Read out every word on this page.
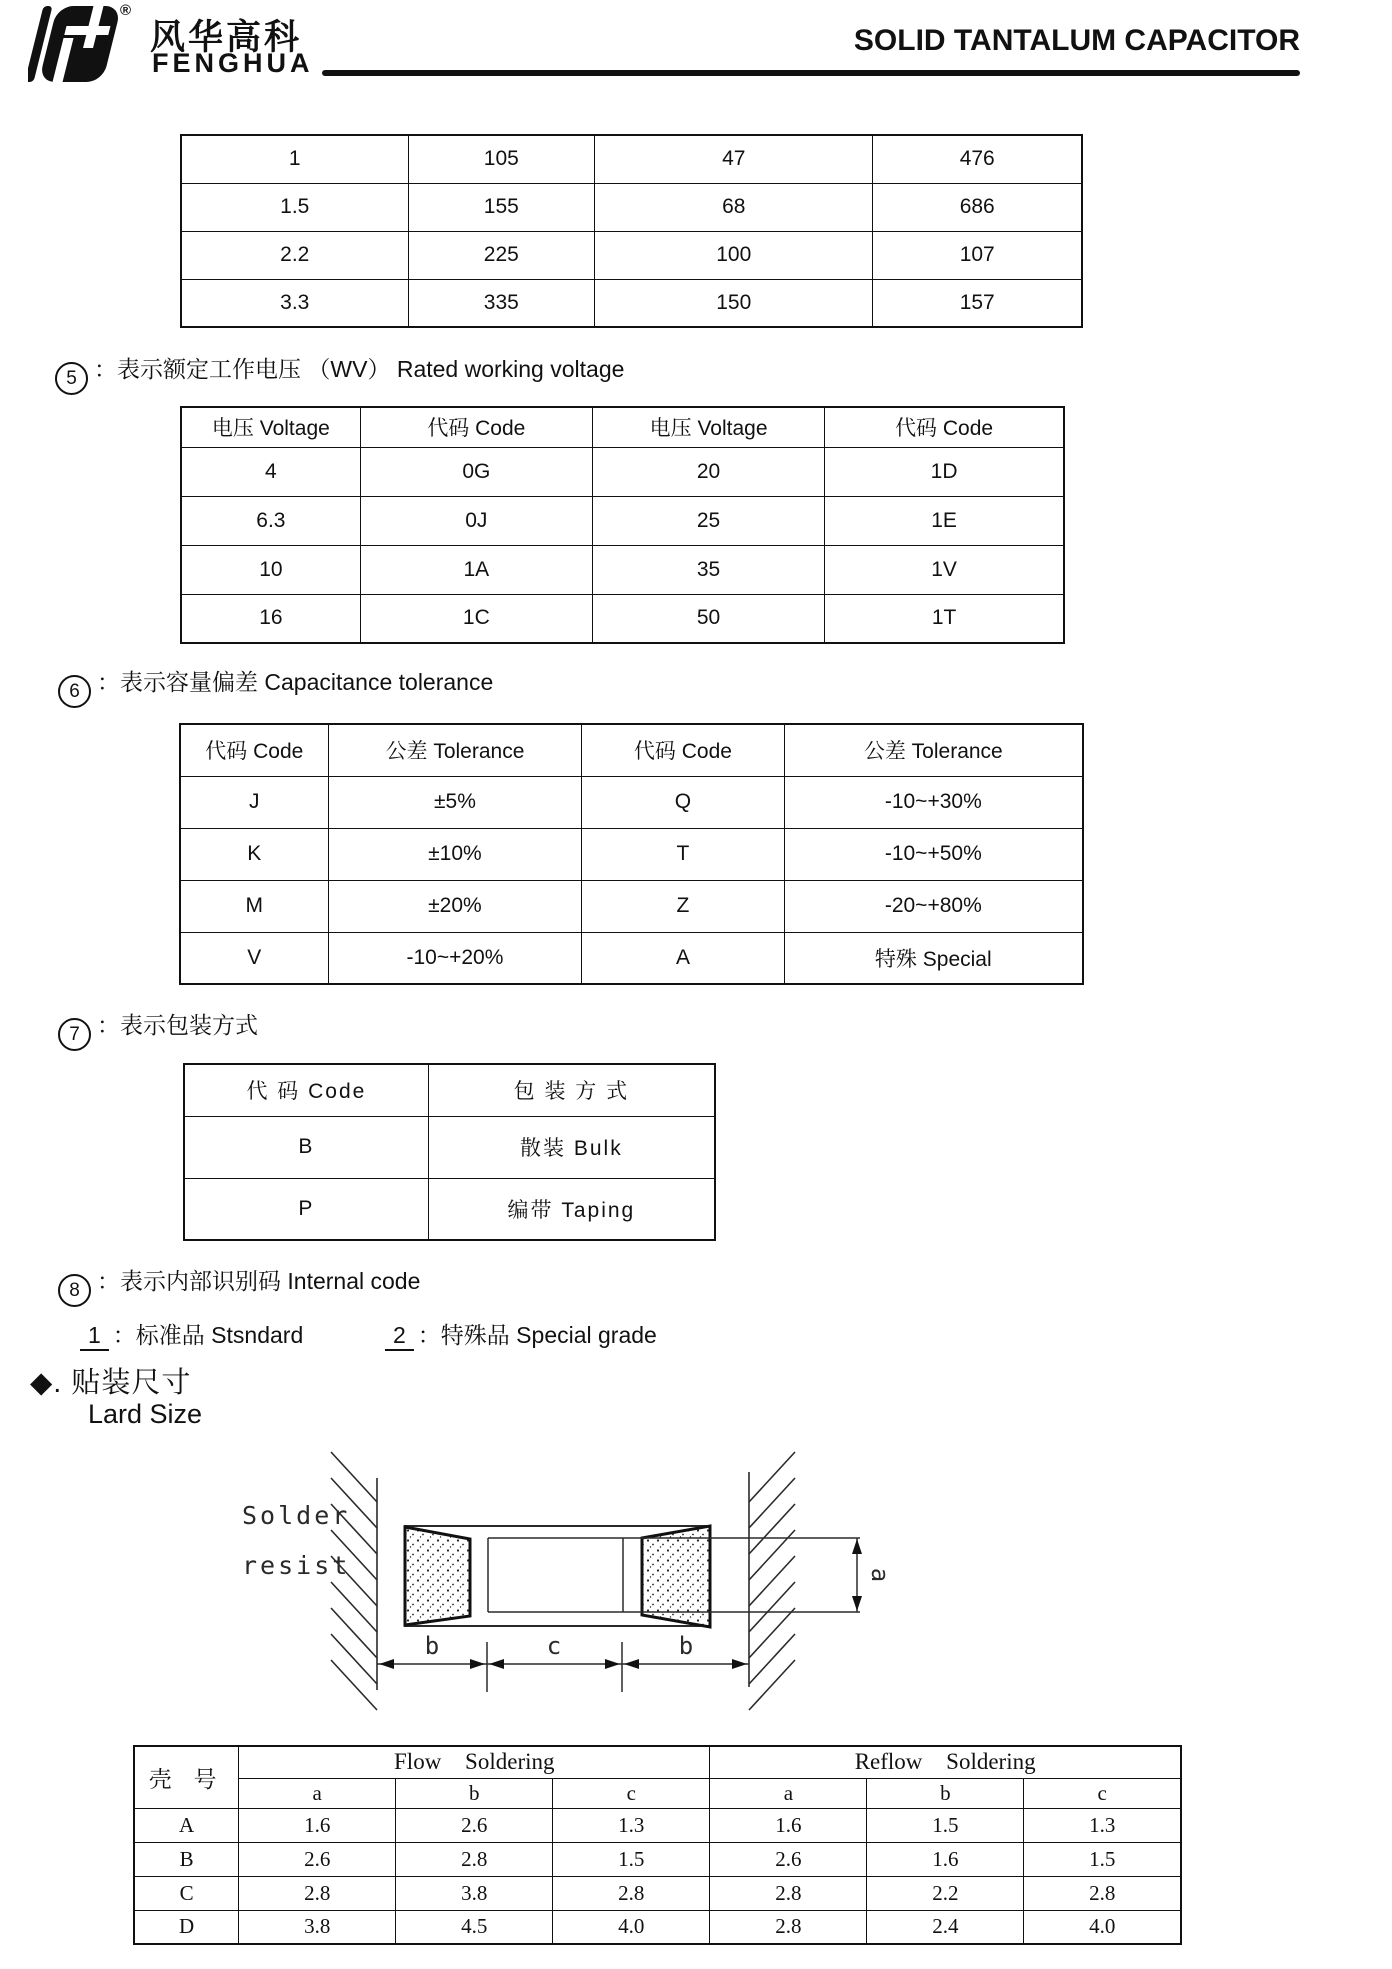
®
风华高科
FENGHUA
SOLID TANTALUM CAPACITOR
1	105	47	476
1.5	155	68	686
2.2	225	100	107
3.3	335	150	157
5 ：表示额定工作电压 （WV） Rated working voltage
电压 Voltage	代码 Code	电压 Voltage	代码 Code
4	0G	20	1D
6.3	0J	25	1E
10	1A	35	1V
16	1C	50	1T
6 ：表示容量偏差 Capacitance tolerance
代码 Code	公差 Tolerance	代码 Code	公差 Tolerance
J	±5%	Q	-10~+30%
K	±10%	T	-10~+50%
M	±20%	Z	-20~+80%
V	-10~+20%	A	特殊 Special
7 ：表示包装方式
代 码 Code	包 装 方 式
B	散装 Bulk
P	编带 Taping
8 ：表示内部识别码 Internal code
1 ：标准品 Stsndard	2 ：特殊品 Special grade
◆. 贴装尺寸
Lard Size
a
b	c	b
Solder
resist
壳 号	Flow Soldering			Reflow Soldering		
	a	b	c	a	b	c
A	1.6	2.6	1.3	1.6	1.5	1.3
B	2.6	2.8	1.5	2.6	1.6	1.5
C	2.8	3.8	2.8	2.8	2.2	2.8
D	3.8	4.5	4.0	2.8	2.4	4.0
